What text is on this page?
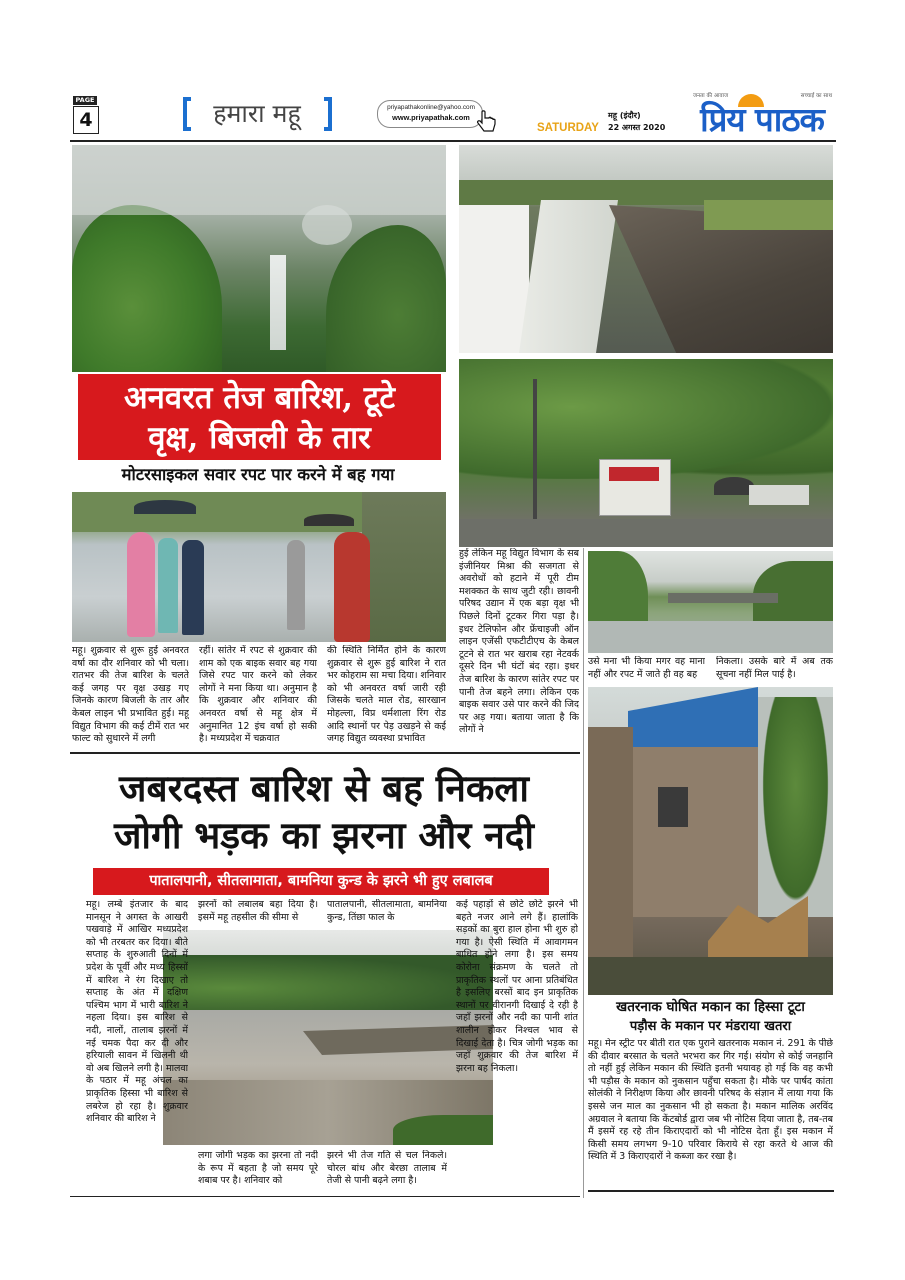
PAGE
4	हमारा महू	priyapathakonline@yahoo.com
www.priyapathak.com
SATURDAY
महू (इंदौर)
22 अगस्त 2020
जनता की आवाज	सच्चाई का साथ
प्रिय पाठक
अनवरत तेज बारिश, टूटे
वृक्ष, बिजली के तार
मोटरसाइकल सवार रपट पार करने में बह गया
महू। शुक्रवार से शुरू हुई अनवरत वर्षा का दौर शनिवार को भी चला। रातभर की तेज बारिश के चलते कई जगह पर वृक्ष उखड़ गए जिनके कारण बिजली के तार और केबल लाइन भी प्रभावित हुई। महू विद्युत विभाग की कई टीमें रात भर फाल्ट को सुधारने में लगी
रहीं। सांतेर में रपट से शुक्रवार की शाम को एक बाइक सवार बह गया जिसे रपट पार करने को लेकर लोगों ने मना किया था। अनुमान है कि शुक्रवार और शनिवार की अनवरत वर्षा से महू क्षेत्र में अनुमानित 12 इंच वर्षा हो सकी है। मध्यप्रदेश में चक्रवात
की स्थिति निर्मित होने के कारण शुक्रवार से शुरू हुई बारिश ने रात भर कोहराम सा मचा दिया। शनिवार को भी अनवरत वर्षा जारी रही जिसके चलते माल रोड, सारखान मोहल्ला, विप्र धर्मशाला रिंग रोड आदि स्थानों पर पेड़ उखड़ने से कई जगह विद्युत व्यवस्था प्रभावित
हुई लेकिन महू विद्युत विभाग के सब इंजीनियर मिश्रा की सजगता से अवरोधों को हटाने में पूरी टीम मशक्कत के साथ जुटी रही। छावनी परिषद उद्यान में एक बड़ा वृक्ष भी पिछले दिनों टूटकर गिरा पड़ा है। इधर टेलिफोन और फ्रेंचाइजी ऑन लाइन एजेंसी एफटीटीएच के केबल टूटने से रात भर खराब रहा नेटवर्क दूसरे दिन भी घंटों बंद रहा। इधर तेज बारिश के कारण सांतेर रपट पर पानी तेज बहने लगा। लेकिन एक बाइक सवार उसे पार करने की जिद पर अड़ गया। बताया जाता है कि लोगों ने
उसे मना भी किया मगर वह माना नहीं और रपट में जाते ही वह बह
निकला। उसके बारे में अब तक सूचना नहीं मिल पाई है।
जबरदस्त बारिश से बह निकला
जोगी भड़क का झरना और नदी
पातालपानी, सीतलामाता, बामनिया कुन्ड के झरने भी हुए लबालब
महू। लम्बे इंतजार के बाद मानसून ने अगस्त के आखरी पखवाड़े में आखिर मध्यप्रदेश को भी तरबतर कर दिया। बीते सप्ताह के शुरुआती दिनों में प्रदेश के पूर्वी और मध्य हिस्सों में बारिश ने रंग दिखाए तो सप्ताह के अंत में दक्षिण पश्चिम भाग में भारी बारिश ने नहला दिया। इस बारिश से नदी, नालों, तालाब झरनों में नई चमक पैदा कर दी और हरियाली सावन में खिलनी थी वो अब खिलने लगी है। मालवा के पठार में महू अंचल का प्राकृतिक हिस्सा भी बारिश से लबरेज हो रहा है। शुक्रवार शनिवार की बारिश ने
झरनों को लबालब बहा दिया है। इसमें महू तहसील की सीमा से
पातालपानी, सीतलामाता, बामनिया कुन्ड, तिंछा फाल के
लगा जोगी भड़क का झरना तो नदी के रूप में बहता है जो समय पूरे शबाब पर है। शनिवार को
झरने भी तेज गति से चल निकले। चोरल बांध और बेरछा तालाब में तेजी से पानी बढ़ने लगा है।
कई पहाड़ों से छोटे छोटे झरने भी बहते नजर आने लगे हैं। हालांकि सड़कों का बुरा हाल होना भी शुरु हो गया है। ऐसी स्थिति में आवागमन बाधित होने लगा है। इस समय कोरोना संक्रमण के चलते तो प्राकृतिक स्थलों पर आना प्रतिबंधित है इसलिए बरसों बाद इन प्राकृतिक स्थानों पर वीरानगी दिखाई दे रही है जहाँ झरनों और नदी का पानी शांत शालीन होकर निश्चल भाव से दिखाई देता है। चित्र जोगी भड़क का जहाँ शुक्रवार की तेज बारिश में झरना बह निकला।
खतरनाक घोषित मकान का हिस्सा टूटा
पड़ौस के मकान पर मंडराया खतरा
महू। मेन स्ट्रीट पर बीती रात एक पुराने खतरनाक मकान नं. 291 के पीछे की दीवार बरसात के चलते भरभरा कर गिर गई। संयोग से कोई जनहानि तो नहीं हुई लेकिन मकान की स्थिति इतनी भयावह हो गई कि वह कभी भी पड़ौस के मकान को नुकसान पहुँचा सकता है। मौके पर पार्षद कांता सोलंकी ने निरीक्षण किया और छावनी परिषद के संज्ञान में लाया गया कि इससे जन माल का नुकसान भी हो सकता है। मकान मालिक अरविंद अग्रवाल ने बताया कि केंटबोर्ड द्वारा जब भी नोटिस दिया जाता है, तब-तब मैं इसमें रह रहे तीन किराएदारों को भी नोटिस देता हूँ। इस मकान में किसी समय लगभग 9-10 परिवार किराये से रहा करते थे आज की स्थिति में 3 किराएदारों ने कब्जा कर रखा है।
